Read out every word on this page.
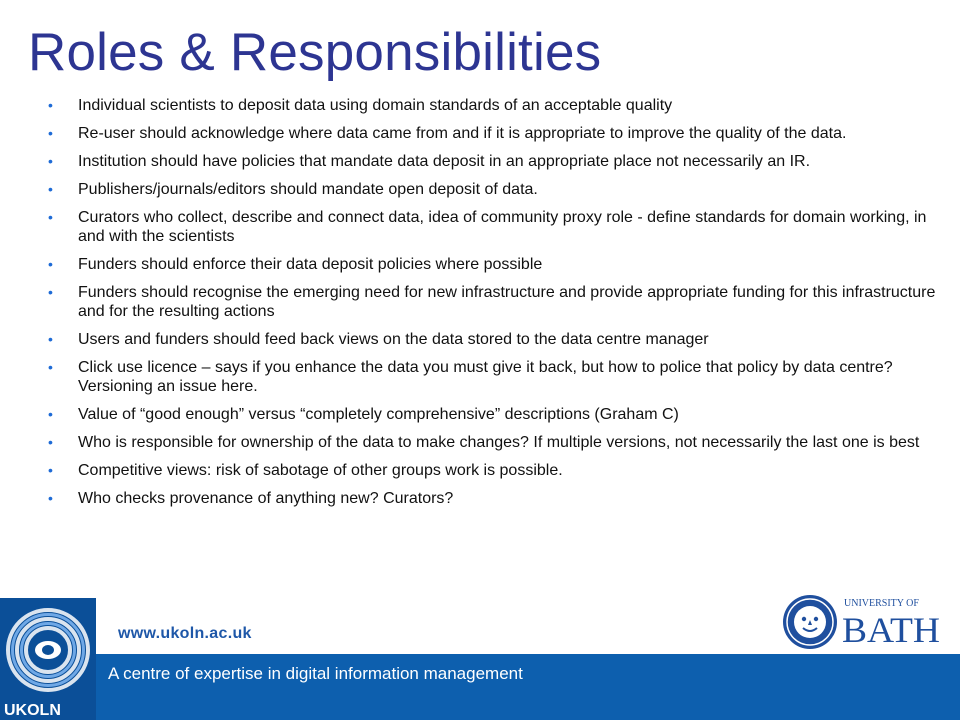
Roles & Responsibilities
• Individual scientists to deposit data using domain standards of an acceptable quality
• Re-user should acknowledge where data came from and if it is appropriate to improve the quality of the data.
• Institution should have policies that mandate data deposit in an appropriate place not necessarily an IR.
• Publishers/journals/editors should mandate open deposit of data.
• Curators who collect, describe and connect data, idea of community proxy role - define standards for domain working, in and with the scientists
• Funders should enforce their data deposit policies where possible
• Funders should recognise the emerging need for new infrastructure and provide appropriate funding for this infrastructure and for the resulting actions
• Users and funders should feed back views on the data stored to the data centre manager
• Click use licence – says if you enhance the data you must give it back, but how to police that policy by data centre? Versioning an issue here.
• Value of “good enough” versus “completely comprehensive” descriptions (Graham C)
• Who is responsible for ownership of the data to make changes? If multiple versions, not necessarily the last one is best
• Competitive views: risk of sabotage of other groups work is possible.
• Who checks provenance of anything new? Curators?
www.ukoln.ac.uk
A centre of expertise in digital information management
UKOLN
UNIVERSITY OF
BATH
